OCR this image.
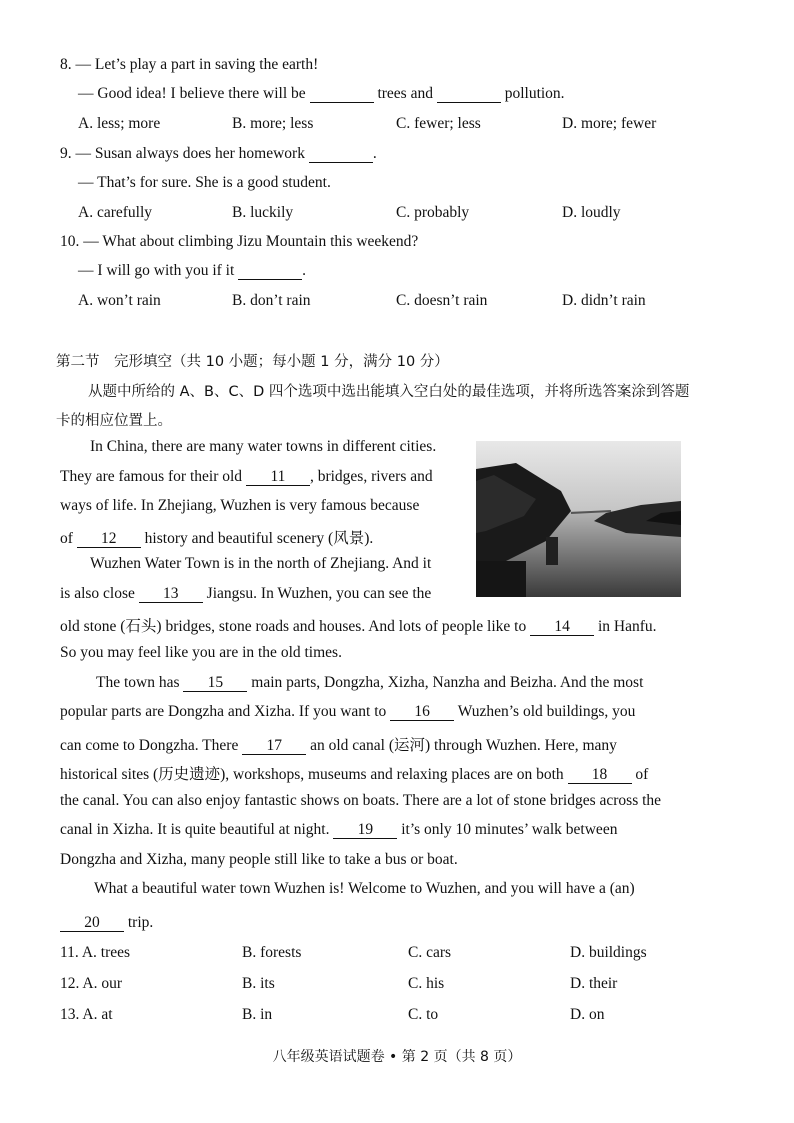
8. — Let’s play a part in saving the earth!
— Good idea! I believe there will be	trees and	pollution.
A. less; more	B. more; less	C. fewer; less	D. more; fewer
9. — Susan always does her homework	.
— That’s for sure. She is a good student.
A. carefully	B. luckily	C. probably	D. loudly
10. — What about climbing Jizu Mountain this weekend?
— I will go with you if it	.
A. won’t rain	B. don’t rain	C. doesn’t rain	D. didn’t rain
第二节　完形填空（共 10 小题；每小题 1 分，满分 10 分）
从题中所给的 A、B、C、D 四个选项中选出能填入空白处的最佳选项，并将所选答案涂到答题卡的相应位置上。
In China, there are many water towns in different cities.
They are famous for their old 11 , bridges, rivers and
ways of life. In Zhejiang, Wuzhen is very famous because
of 12 history and beautiful scenery (风景).
Wuzhen Water Town is in the north of Zhejiang. And it
is also close 13 Jiangsu. In Wuzhen, you can see the
old stone (石头) bridges, stone roads and houses. And lots of people like to 14 in Hanfu.
So you may feel like you are in the old times.
The town has 15 main parts, Dongzha, Xizha, Nanzha and Beizha. And the most
popular parts are Dongzha and Xizha. If you want to 16 Wuzhen’s old buildings, you
can come to Dongzha. There 17 an old canal (运河) through Wuzhen. Here, many
historical sites (历史遗迹), workshops, museums and relaxing places are on both 18 of
the canal. You can also enjoy fantastic shows on boats. There are a lot of stone bridges across the
canal in Xizha. It is quite beautiful at night. 19 it’s only 10 minutes’ walk between
Dongzha and Xizha, many people still like to take a bus or boat.
What a beautiful water town Wuzhen is! Welcome to Wuzhen, and you will have a (an)
20 trip.
11. A. trees	B. forests	C. cars	D. buildings
12. A. our	B. its	C. his	D. their
13. A. at	B. in	C. to	D. on
八年级英语试题卷 • 第 2 页（共 8 页）
